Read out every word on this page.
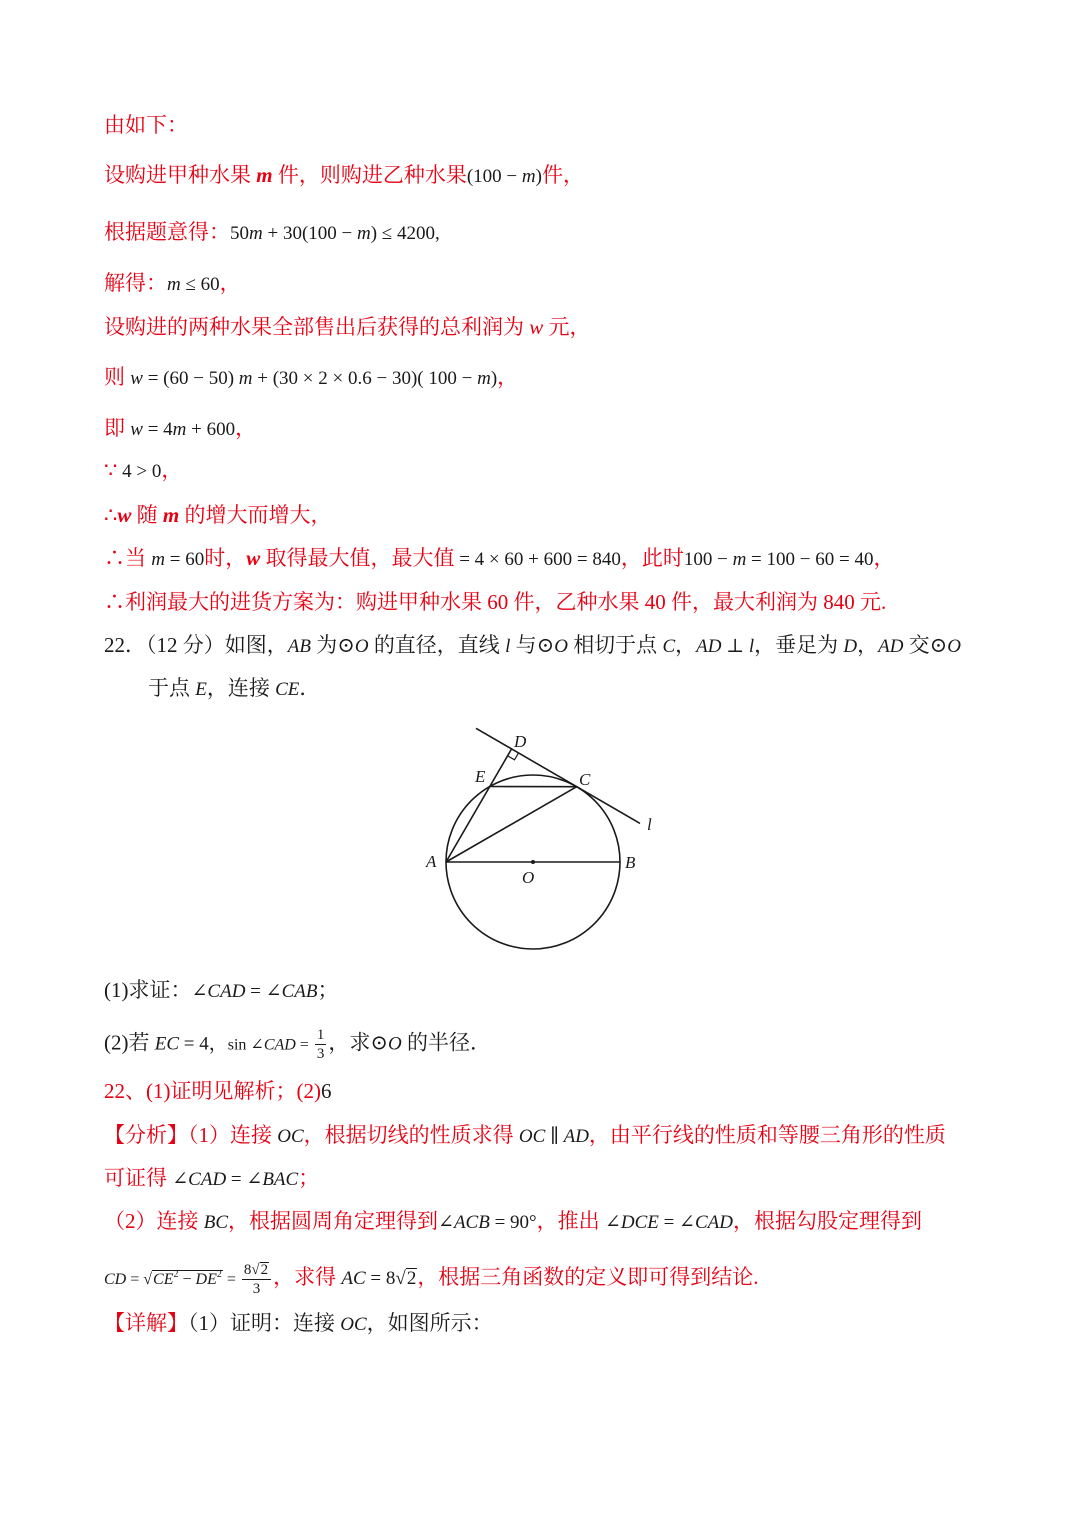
由如下：
设购进甲种水果 m 件，则购进乙种水果(100 − m)件，
根据题意得：50m + 30(100 − m) ≤ 4200,
解得：m ≤ 60，
设购进的两种水果全部售出后获得的总利润为 w 元，
则 w = (60 − 50) m + (30 × 2 × 0.6 − 30)( 100 − m)，
即 w = 4m + 600，
∵ 4 > 0，
∴w 随 m 的增大而增大，
∴当 m = 60时，w 取得最大值，最大值 = 4 × 60 + 600 = 840，此时100 − m = 100 − 60 = 40，
∴利润最大的进货方案为：购进甲种水果 60 件，乙种水果 40 件，最大利润为 840 元.
22．（12 分）如图，AB 为⊙O 的直径，直线 l 与⊙O 相切于点 C，AD ⊥ l，垂足为 D，AD 交⊙O
于点 E，连接 CE．
D
E	C
l
A	B
O
(1)求证：∠CAD = ∠CAB；
(2)若 EC = 4，sin ∠CAD = $\frac{1}{3}$ ，求⊙O 的半径．
22、(1)证明见解析；(2)6
【分析】（1）连接 OC，根据切线的性质求得 OC ∥ AD，由平行线的性质和等腰三角形的性质
可证得 ∠CAD = ∠BAC；
（2）连接 BC，根据圆周角定理得到∠ACB = 90°，推出 ∠DCE = ∠CAD，根据勾股定理得到
CD = $√CE^2 - DE^2 = \frac{8√2}{3}$ ，求得 AC = 8√2，根据三角函数的定义即可得到结论.
【详解】（1）证明：连接 OC，如图所示：
